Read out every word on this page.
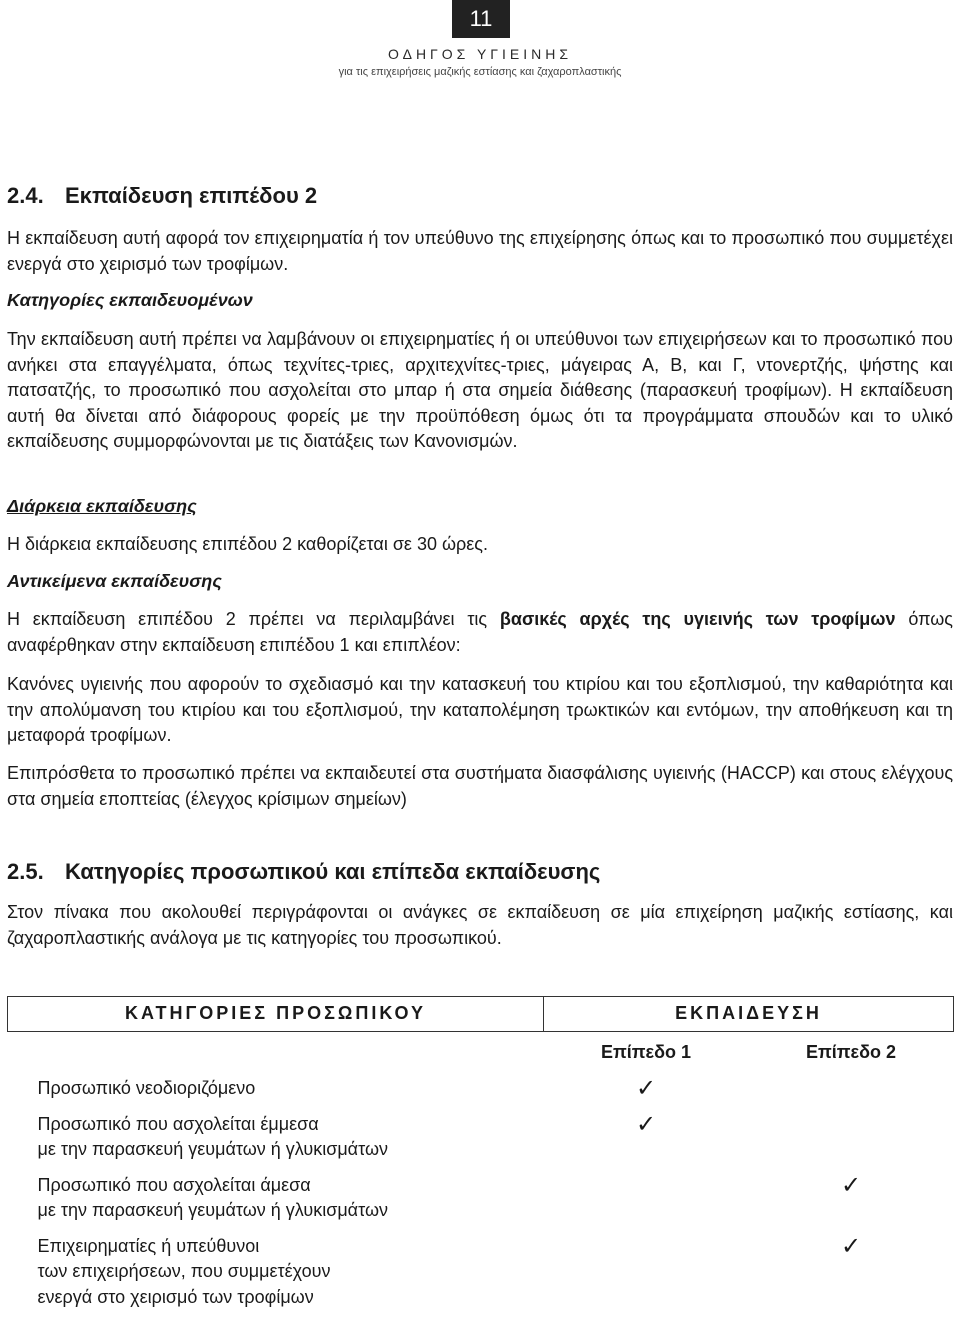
11
ΟΔΗΓΟΣ ΥΓΙΕΙΝΗΣ
για τις επιχειρήσεις μαζικής εστίασης και ζαχαροπλαστικής
2.4. Εκπαίδευση επιπέδου 2

Η εκπαίδευση αυτή αφορά τον επιχειρηματία ή τον υπεύθυνο της επιχείρησης όπως και το προσωπικό που συμμετέχει ενεργά στο χειρισμό των τροφίμων.

Κατηγορίες εκπαιδευομένων

Την εκπαίδευση αυτή πρέπει να λαμβάνουν οι επιχειρηματίες ή οι υπεύθυνοι των επιχειρήσεων και το προσωπικό που ανήκει στα επαγγέλματα, όπως τεχνίτες-τριες, αρχιτεχνίτες-τριες, μάγειρας Α, Β, και Γ, ντονερτζής, ψήστης και πατσατζής, το προσωπικό που ασχολείται στο μπαρ ή στα σημεία διάθεσης (παρασκευή τροφίμων). Η εκπαίδευση αυτή θα δίνεται από διάφορους φορείς με την προϋπόθεση όμως ότι τα προγράμματα σπουδών και το υλικό εκπαίδευσης συμμορφώνονται με τις διατάξεις των Κανονισμών.

Διάρκεια εκπαίδευσης

Η διάρκεια εκπαίδευσης επιπέδου 2 καθορίζεται σε 30 ώρες.

Αντικείμενα εκπαίδευσης

Η εκπαίδευση επιπέδου 2 πρέπει να περιλαμβάνει τις βασικές αρχές της υγιεινής των τροφίμων όπως αναφέρθηκαν στην εκπαίδευση επιπέδου 1 και επιπλέον:

Κανόνες υγιεινής που αφορούν το σχεδιασμό και την κατασκευή του κτιρίου και του εξοπλισμού, την καθαριότητα και την απολύμανση του κτιρίου και του εξοπλισμού, την καταπολέμηση τρωκτικών και εντόμων, την αποθήκευση και τη μεταφορά τροφίμων.

Επιπρόσθετα το προσωπικό πρέπει να εκπαιδευτεί στα συστήματα διασφάλισης υγιεινής (HACCP) και στους ελέγχους στα σημεία εποπτείας (έλεγχος κρίσιμων σημείων)

2.5. Κατηγορίες προσωπικού και επίπεδα εκπαίδευσης

Στον πίνακα που ακολουθεί περιγράφονται οι ανάγκες σε εκπαίδευση σε μία επιχείρηση μαζικής εστίασης, και ζαχαροπλαστικής ανάλογα με τις κατηγορίες του προσωπικού.

ΚΑΤΗΓΟΡΙΕΣ ΠΡΟΣΩΠΙΚΟΥ	ΕΚΠΑΙΔΕΥΣΗ	
	Επίπεδο 1	Επίπεδο 2

Προσωπικό νεοδιοριζόμενο	✓	

Προσωπικό που ασχολείται έμμεσα
με την παρασκευή γευμάτων ή γλυκισμάτων	✓	

Προσωπικό που ασχολείται άμεσα
με την παρασκευή γευμάτων ή γλυκισμάτων		✓

Επιχειρηματίες ή υπεύθυνοι
των επιχειρήσεων, που συμμετέχουν
ενεργά στο χειρισμό των τροφίμων		✓
